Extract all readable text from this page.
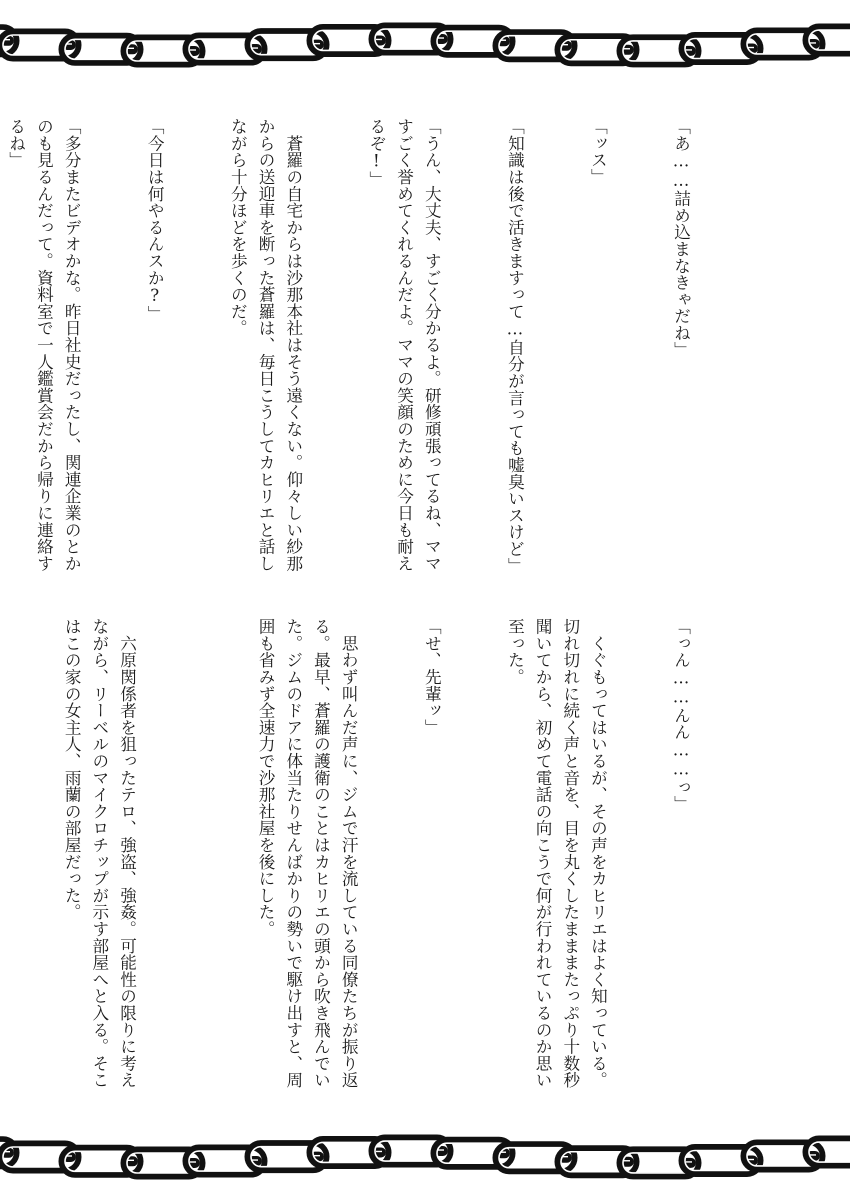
「あ……詰め込まなきゃだね」

「ッス」

「知識は後で活きますって…自分が言っても嘘臭いスけど」

「うん、大丈夫、すごく分かるよ。研修頑張ってるね、ママすごく誉めてくれるんだよ。ママの笑顔のために今日も耐えるぞ!」

　蒼羅の自宅からは沙那本社はそう遠くない。仰々しい紗那からの送迎車を断った蒼羅は、毎日こうしてカヒリエと話しながら十分ほどを歩くのだ。

「今日は何やるんスか?」

「多分またビデオかな。昨日社史だったし、関連企業のとかのも見るんだって。資料室で一人鑑賞会だから帰りに連絡するね」

「っん……んん……っ」

　くぐもってはいるが、その声をカヒリエはよく知っている。切れ切れに続く声と音を、目を丸くしたまままたっぷり十数秒聞いてから、初めて電話の向こうで何が行われているのか思い至った。

「せ、先輩ッ」

　思わず叫んだ声に、ジムで汗を流している同僚たちが振り返る。最早、蒼羅の護衛のことはカヒリエの頭から吹き飛んでいた。ジムのドアに体当たりせんばかりの勢いで駆け出すと、周囲も省みず全速力で沙那社屋を後にした。

　六原関係者を狙ったテロ、強盗、強姦。可能性の限りに考えながら、リーベルのマイクロチップが示す部屋へと入る。そこはこの家の女主人、雨蘭の部屋だった。
